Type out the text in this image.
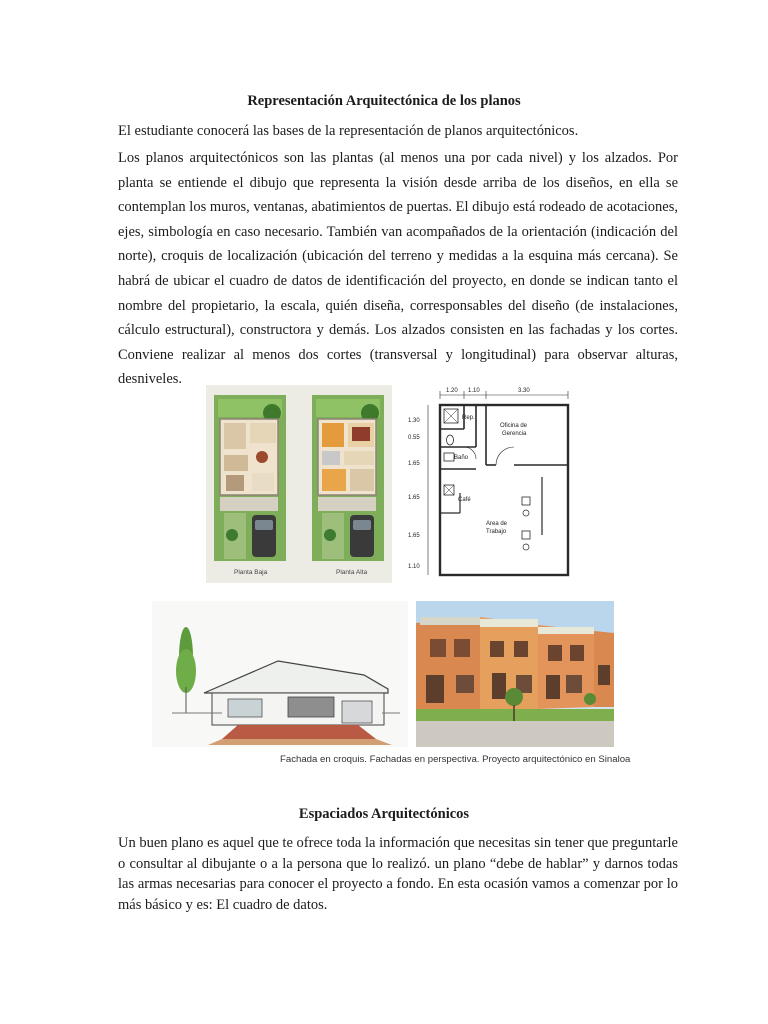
Representación Arquitectónica de los planos

El estudiante conocerá las bases de la representación de planos arquitectónicos.

Los planos arquitectónicos son las plantas (al menos una por cada nivel) y los alzados. Por planta se entiende el dibujo que representa la visión desde arriba de los diseños, en ella se contemplan los muros, ventanas, abatimientos de puertas. El dibujo está rodeado de acotaciones, ejes, simbología en caso necesario. También van acompañados de la orientación (indicación del norte), croquis de localización (ubicación del terreno y medidas a la esquina más cercana). Se habrá de ubicar el cuadro de datos de identificación del proyecto, en donde se indican tanto el nombre del propietario, la escala, quién diseña, corresponsables del diseño (de instalaciones, cálculo estructural), constructora y demás. Los alzados consisten en las fachadas y los cortes. Conviene realizar al menos dos cortes (transversal y longitudinal) para observar alturas, desniveles.

Planta Baja	Planta Alta
1.20 1.10	3.30
1.30
0.55
1.65
1.65
1.65
1.10
Rep.
Oficina de
Gerencia
Baño
Café
Area de
Trabajo
Fachada en croquis. Fachadas en perspectiva. Proyecto arquitectónico en Sinaloa
Espaciados Arquitectónicos

Un buen plano es aquel que te ofrece toda la información que necesitas sin tener que preguntarle o consultar al dibujante o a la persona que lo realizó. un plano “debe de hablar” y darnos todas las armas necesarias para conocer el proyecto a fondo. En esta ocasión vamos a comenzar por lo más básico y es: El cuadro de datos.
